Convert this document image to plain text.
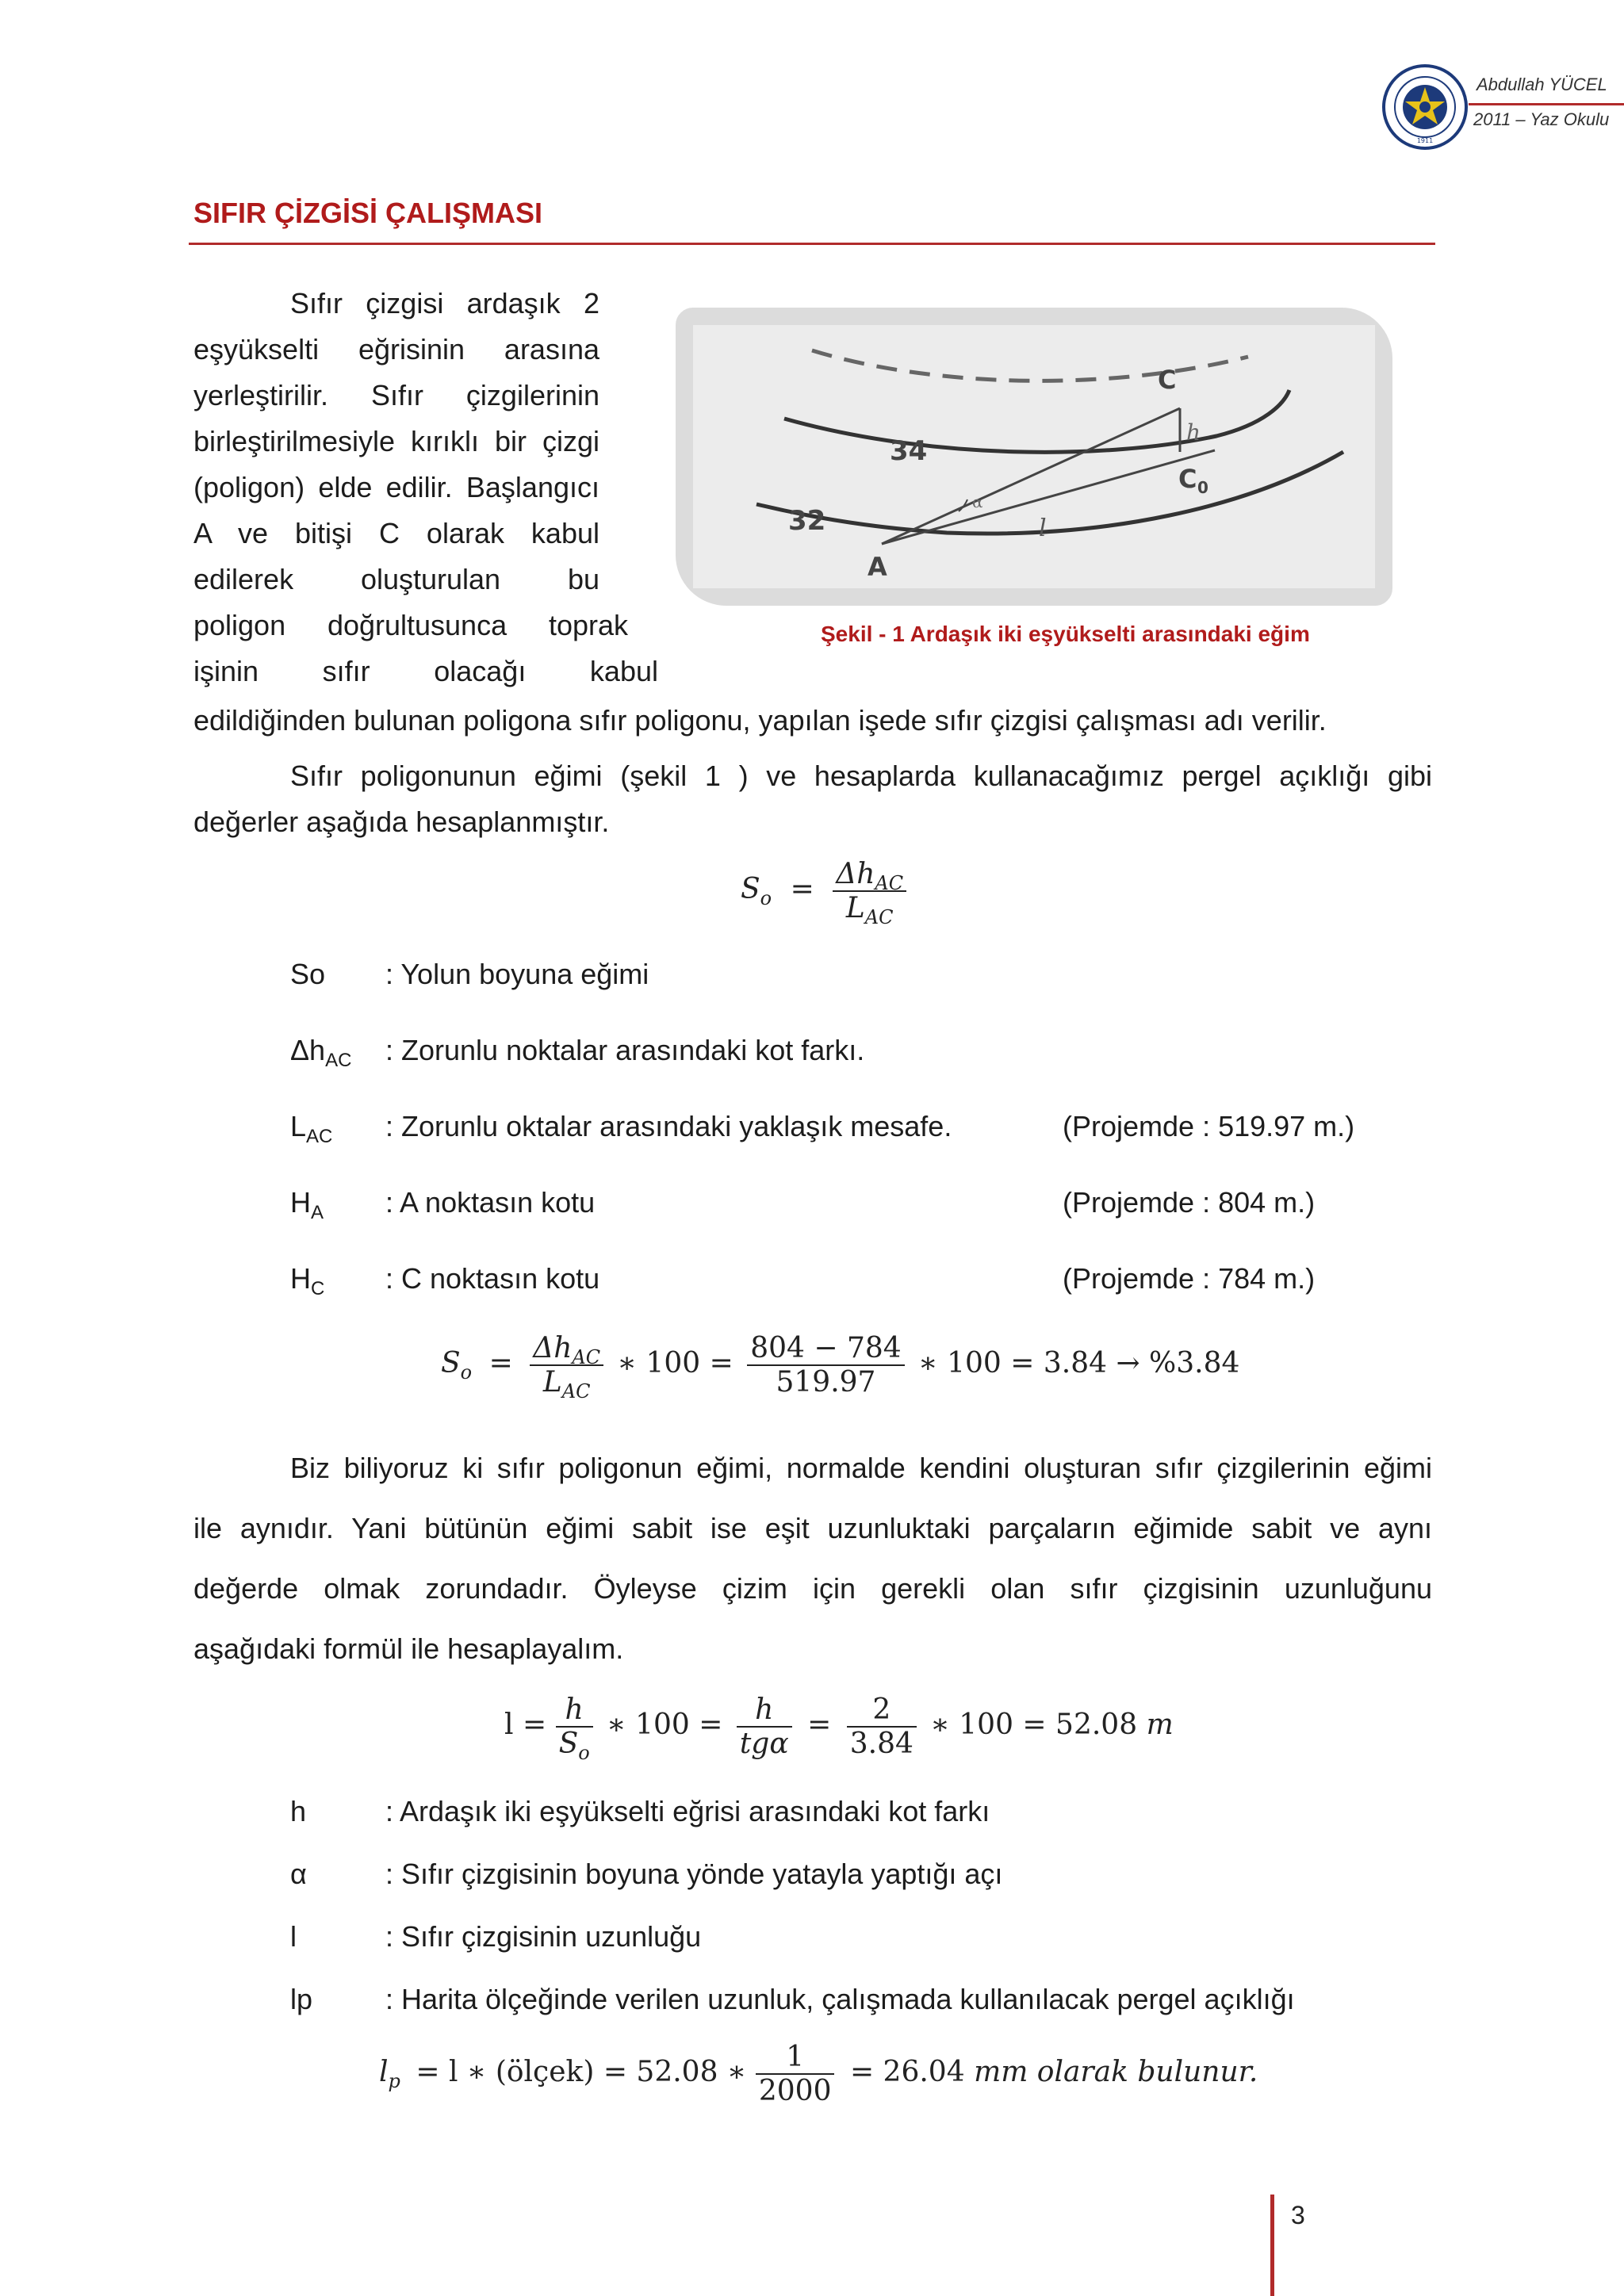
1911
Abdullah YÜCEL
2011 – Yaz Okulu
SIFIR ÇİZGİSİ ÇALIŞMASI
Sıfır çizgisi ardaşık 2
eşyükselti eğrisinin arasına
yerleştirilir. Sıfır çizgilerinin
birleştirilmesiyle kırıklı bir çizgi
(poligon) elde edilir. Başlangıcı
A ve bitişi C olarak kabul
edilerek oluşturulan bu
poligon doğrultusunca toprak
işinin sıfır olacağı kabul
edildiğinden bulunan poligona sıfır poligonu, yapılan işede sıfır çizgisi çalışması adı verilir.
34
32
C
h
C 0
l
α
A
Şekil - 1 Ardaşık iki eşyükselti arasındaki eğim
Sıfır poligonunun eğimi (şekil 1 ) ve hesaplarda kullanacağımız pergel açıklığı gibi
değerler aşağıda hesaplanmıştır.
$S_o = \frac{\Delta h_{AC}}{L_{AC}}$
So : Yolun boyuna eğimi
$\Delta h_{AC}$ : Zorunlu noktalar arasındaki kot farkı.
$L_{AC}$ : Zorunlu oktalar arasındaki yaklaşık mesafe.	(Projemde : 519.97 m.)
$H_A$ : A noktasın kotu	(Projemde : 804 m.)
$H_C$ : C noktasın kotu	(Projemde : 784 m.)
$S_o = \frac{\Delta h_{AC}}{L_{AC}}$ ∗ $100 = \frac{804 - 784}{519.97}$ ∗ 100 = 3.84 → %3.84
Biz biliyoruz ki sıfır poligonun eğimi, normalde kendini oluşturan sıfır çizgilerinin eğimi
ile aynıdır. Yani bütünün eğimi sabit ise eşit uzunluktaki parçaların eğimide sabit ve aynı
değerde olmak zorundadır. Öyleyse çizim için gerekli olan sıfır çizgisinin uzunluğunu
aşağıdaki formül ile hesaplayalım.
$l = \frac{h}{S_o}$ ∗ $100 = \frac{h}{\text{tgα}} = \frac{2}{3.84}$ ∗ 100 = 52.08 m
h	: Ardaşık iki eşyükselti eğrisi arasındaki kot farkı
α	: Sıfır çizgisinin boyuna yönde yatayla yaptığı açı
l	: Sıfır çizgisinin uzunluğu
lp	: Harita ölçeğinde verilen uzunluk, çalışmada kullanılacak pergel açıklığı
$l_p = l$ ∗ (ölçek) = 52.08 ∗ $\frac{1}{2000} = 26.04$ mm olarak bulunur.
3
